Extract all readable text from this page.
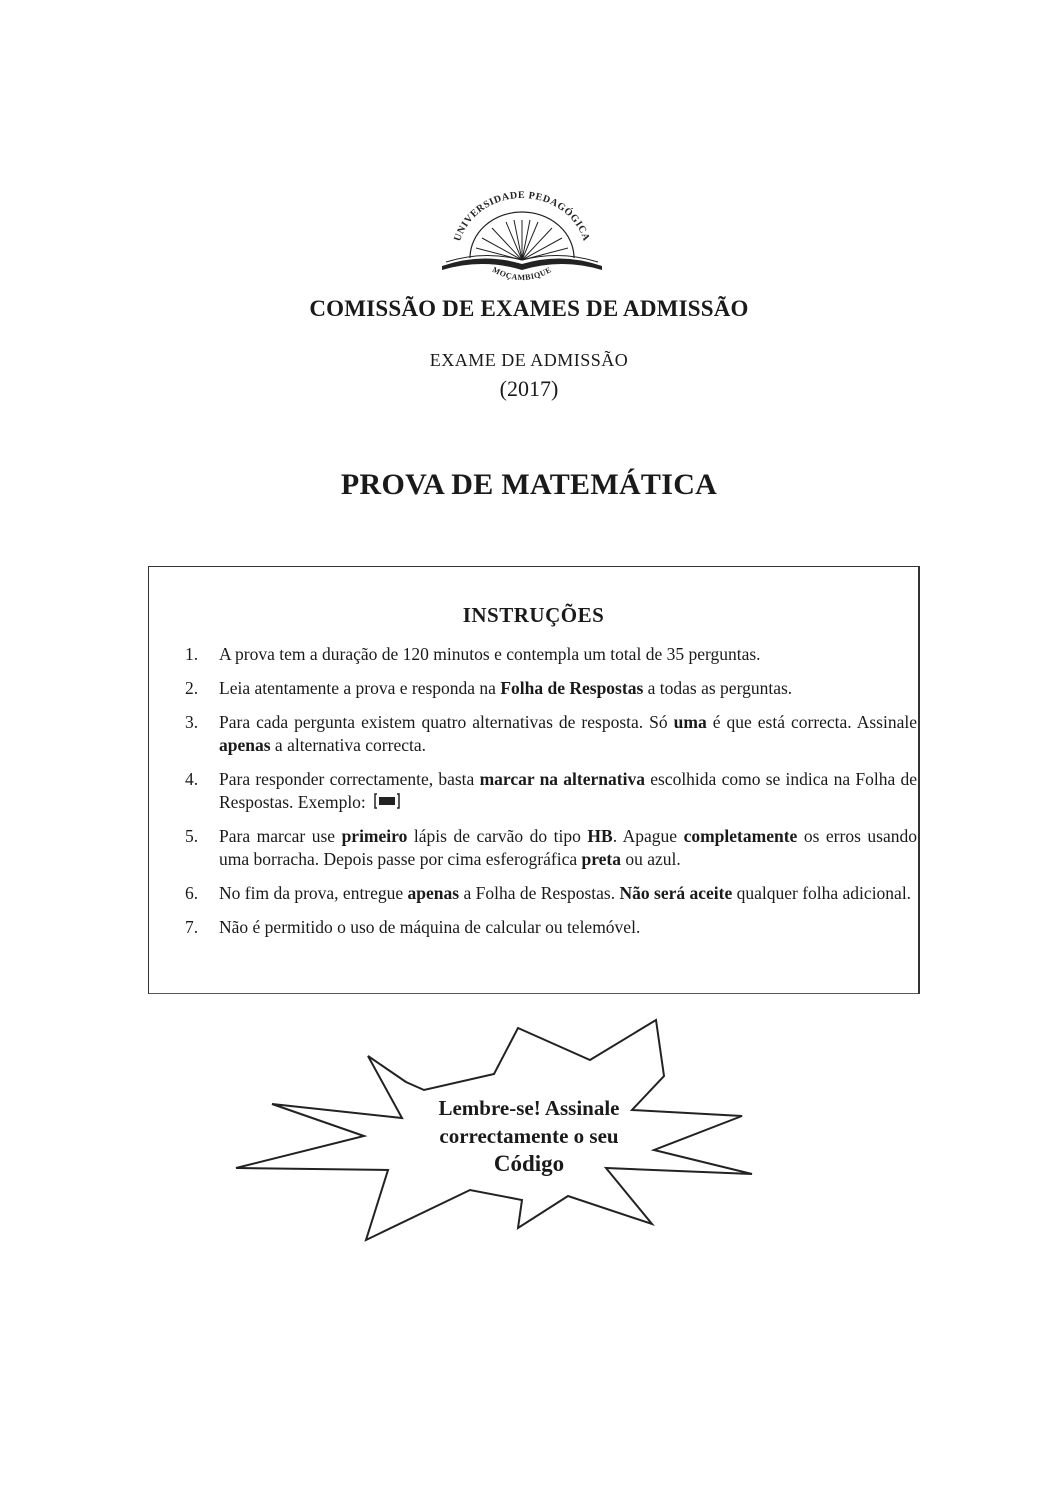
UNIVERSIDADE PEDAGÓGICA
MOÇAMBIQUE
COMISSÃO DE EXAMES DE ADMISSÃO
EXAME DE ADMISSÃO
(2017)
PROVA DE MATEMÁTICA
INSTRUÇÕES
1. A prova tem a duração de 120 minutos e contempla um total de 35 perguntas.
2. Leia atentamente a prova e responda na Folha de Respostas a todas as perguntas.
3. Para cada pergunta existem quatro alternativas de resposta. Só uma é que está correcta. Assinale apenas a alternativa correcta.
4. Para responder correctamente, basta marcar na alternativa escolhida como se indica na Folha de Respostas. Exemplo:
5. Para marcar use primeiro lápis de carvão do tipo HB. Apague completamente os erros usando uma borracha. Depois passe por cima esferográfica preta ou azul.
6. No fim da prova, entregue apenas a Folha de Respostas. Não será aceite qualquer folha adicional.
7. Não é permitido o uso de máquina de calcular ou telemóvel.
Lembre-se! Assinale
correctamente o seu
Código
